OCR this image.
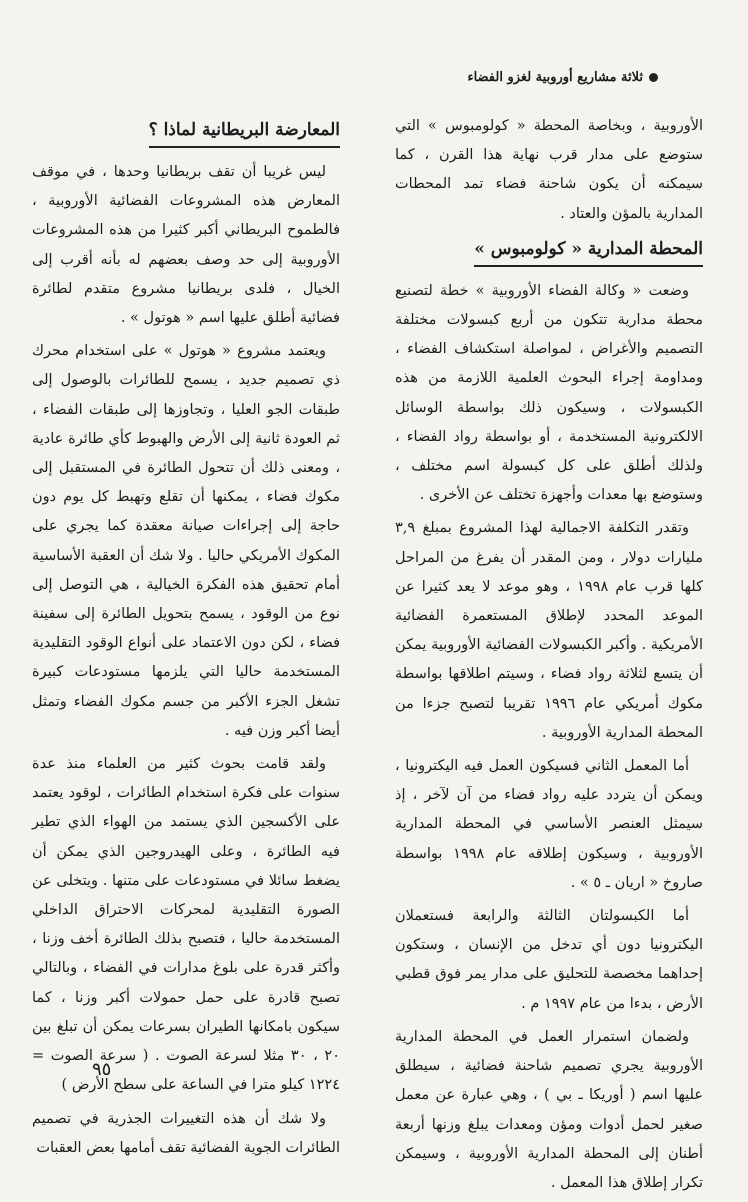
ثلاثة مشاريع أوروبية لغزو الفضاء

الأوروبية ، وبخاصة المحطة « كولومبوس » التي ستوضع على مدار قرب نهاية هذا القرن ، كما سيمكنه أن يكون شاحنة فضاء تمد المحطات المدارية بالمؤن والعتاد .

المحطة المدارية « كولومبوس »

وضعت « وكالة الفضاء الأوروبية » خطة لتصنيع محطة مدارية تتكون من أربع كبسولات مختلفة التصميم والأغراض ، لمواصلة استكشاف الفضاء ، ومداومة إجراء البحوث العلمية اللازمة من هذه الكبسولات ، وسيكون ذلك بواسطة الوسائل الالكترونية المستخدمة ، أو بواسطة رواد الفضاء ، ولذلك أطلق على كل كبسولة اسم مختلف ، وستوضع بها معدات وأجهزة تختلف عن الأخرى .

وتقدر التكلفة الاجمالية لهذا المشروع بمبلغ ٣,٩ مليارات دولار ، ومن المقدر أن يفرغ من المراحل كلها قرب عام ١٩٩٨ ، وهو موعد لا يعد كثيرا عن الموعد المحدد لإطلاق المستعمرة الفضائية الأمريكية . وأكبر الكبسولات الفضائية الأوروبية يمكن أن يتسع لثلاثة رواد فضاء ، وسيتم اطلاقها بواسطة مكوك أمريكي عام ١٩٩٦ تقريبا لتصبح جزءا من المحطة المدارية الأوروبية .

أما المعمل الثاني فسيكون العمل فيه اليكترونيا ، ويمكن أن يتردد عليه رواد فضاء من آن لآخر ، إذ سيمثل العنصر الأساسي في المحطة المدارية الأوروبية ، وسيكون إطلاقه عام ١٩٩٨ بواسطة صاروخ « اريان ـ ٥ » .

أما الكبسولتان الثالثة والرابعة فستعملان اليكترونيا دون أي تدخل من الإنسان ، وستكون إحداهما مخصصة للتحليق على مدار يمر فوق قطبي الأرض ، بدءا من عام ١٩٩٧ م .

ولضمان استمرار العمل في المحطة المدارية الأوروبية يجري تصميم شاحنة فضائية ، سيطلق عليها اسم ( أوريكا ـ بي ) ، وهي عبارة عن معمل صغير لحمل أدوات ومؤن ومعدات يبلغ وزنها أربعة أطنان إلى المحطة المدارية الأوروبية ، وسيمكن تكرار إطلاق هذا المعمل .

المعارضة البريطانية لماذا ؟

ليس غريبا أن تقف بريطانيا وحدها ، في موقف المعارض هذه المشروعات الفضائية الأوروبية ، فالطموح البريطاني أكبر كثيرا من هذه المشروعات الأوروبية إلى حد وصف بعضهم له بأنه أقرب إلى الخيال ، فلدى بريطانيا مشروع متقدم لطائرة فضائية أطلق عليها اسم « هوتول » .

ويعتمد مشروع « هوتول » على استخدام محرك ذي تصميم جديد ، يسمح للطائرات بالوصول إلى طبقات الجو العليا ، وتجاوزها إلى طبقات الفضاء ، ثم العودة ثانية إلى الأرض والهبوط كأي طائرة عادية ، ومعنى ذلك أن تتحول الطائرة في المستقبل إلى مكوك فضاء ، يمكنها أن تقلع وتهبط كل يوم دون حاجة إلى إجراءات صيانة معقدة كما يجري على المكوك الأمريكي حاليا . ولا شك أن العقبة الأساسية أمام تحقيق هذه الفكرة الخيالية ، هي التوصل إلى نوع من الوقود ، يسمح بتحويل الطائرة إلى سفينة فضاء ، لكن دون الاعتماد على أنواع الوقود التقليدية المستخدمة حاليا التي يلزمها مستودعات كبيرة تشغل الجزء الأكبر من جسم مكوك الفضاء وتمثل أيضا أكبر وزن فيه .

ولقد قامت بحوث كثير من العلماء منذ عدة سنوات على فكرة استخدام الطائرات ، لوقود يعتمد على الأكسجين الذي يستمد من الهواء الذي تطير فيه الطائرة ، وعلى الهيدروجين الذي يمكن أن يضغط سائلا في مستودعات على متنها . ويتخلى عن الصورة التقليدية لمحركات الاحتراق الداخلي المستخدمة حاليا ، فتصبح بذلك الطائرة أخف وزنا ، وأكثر قدرة على بلوغ مدارات في الفضاء ، وبالتالي تصبح قادرة على حمل حمولات أكبر وزنا ، كما سيكون بامكانها الطيران بسرعات يمكن أن تبلغ بين ٢٠ ، ٣٠ مثلا لسرعة الصوت . ( سرعة الصوت = ١٢٢٤ كيلو مترا في الساعة على سطح الأرض )

ولا شك أن هذه التغييرات الجذرية في تصميم الطائرات الجوية الفضائية تقف أمامها بعض العقبات

٩٥
